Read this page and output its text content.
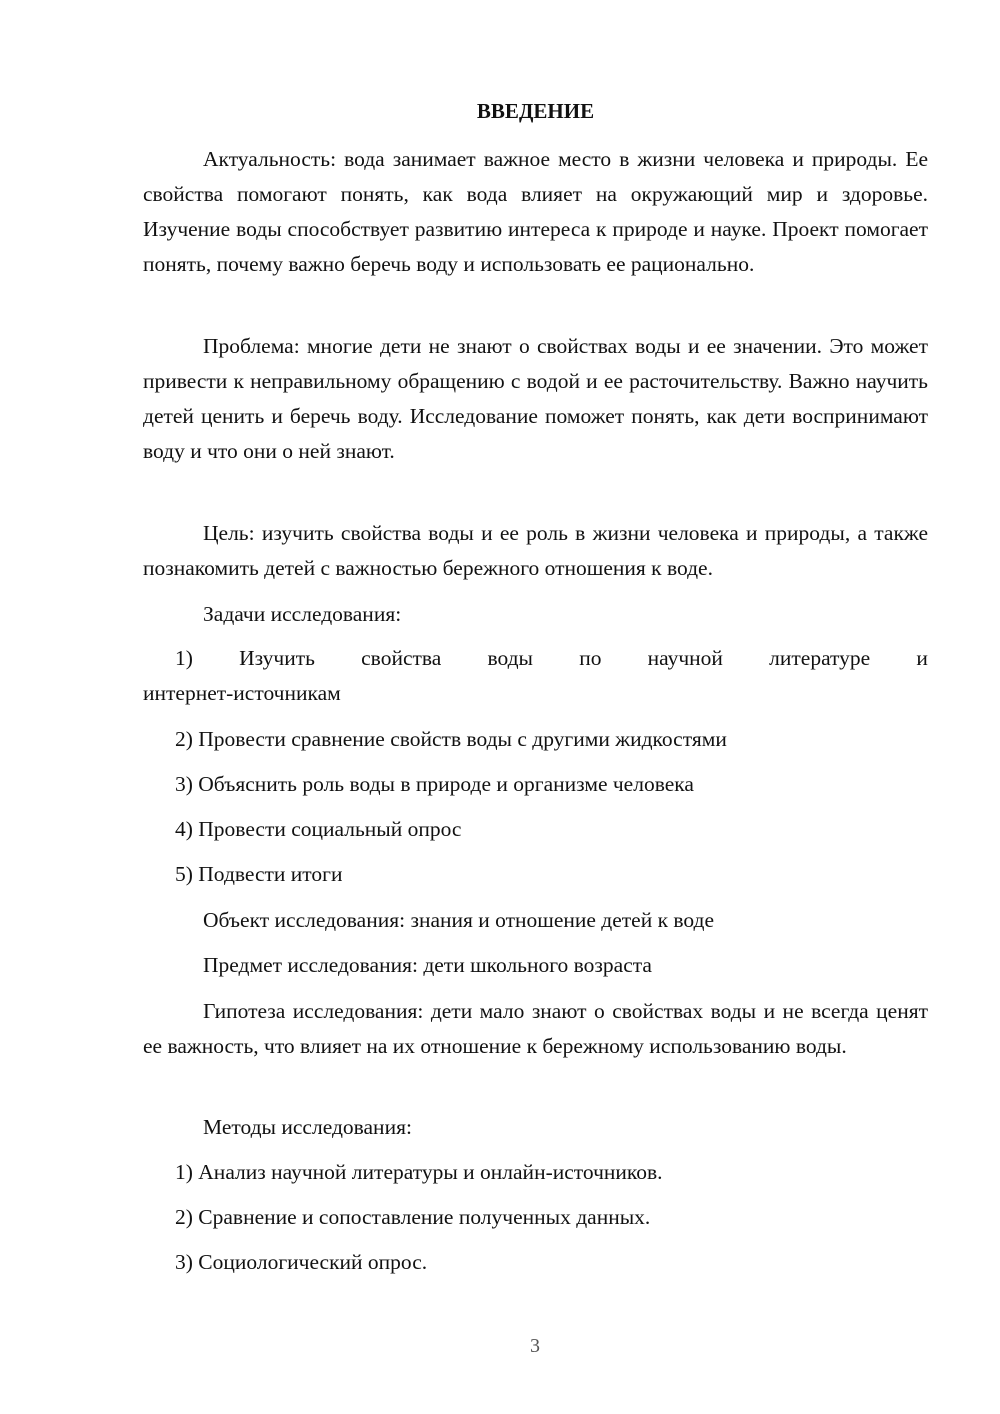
ВВЕДЕНИЕ

Актуальность: вода занимает важное место в жизни человека и природы. Ее свойства помогают понять, как вода влияет на окружающий мир и здоровье. Изучение воды способствует развитию интереса к природе и науке. Проект помогает понять, почему важно беречь воду и использовать ее рационально.

Проблема: многие дети не знают о свойствах воды и ее значении. Это может привести к неправильному обращению с водой и ее расточительству. Важно научить детей ценить и беречь воду. Исследование поможет понять, как дети воспринимают воду и что они о ней знают.

Цель: изучить свойства воды и ее роль в жизни человека и природы, а также познакомить детей с важностью бережного отношения к воде.

Задачи исследования:

1) Изучить свойства воды по научной литературе и
интернет-источникам

2) Провести сравнение свойств воды с другими жидкостями

3) Объяснить роль воды в природе и организме человека

4) Провести социальный опрос

5) Подвести итоги

Объект исследования: знания и отношение детей к воде

Предмет исследования: дети школьного возраста

Гипотеза исследования: дети мало знают о свойствах воды и не всегда ценят ее важность, что влияет на их отношение к бережному использованию воды.

Методы исследования:

1) Анализ научной литературы и онлайн-источников.

2) Сравнение и сопоставление полученных данных.

3) Социологический опрос.

3
